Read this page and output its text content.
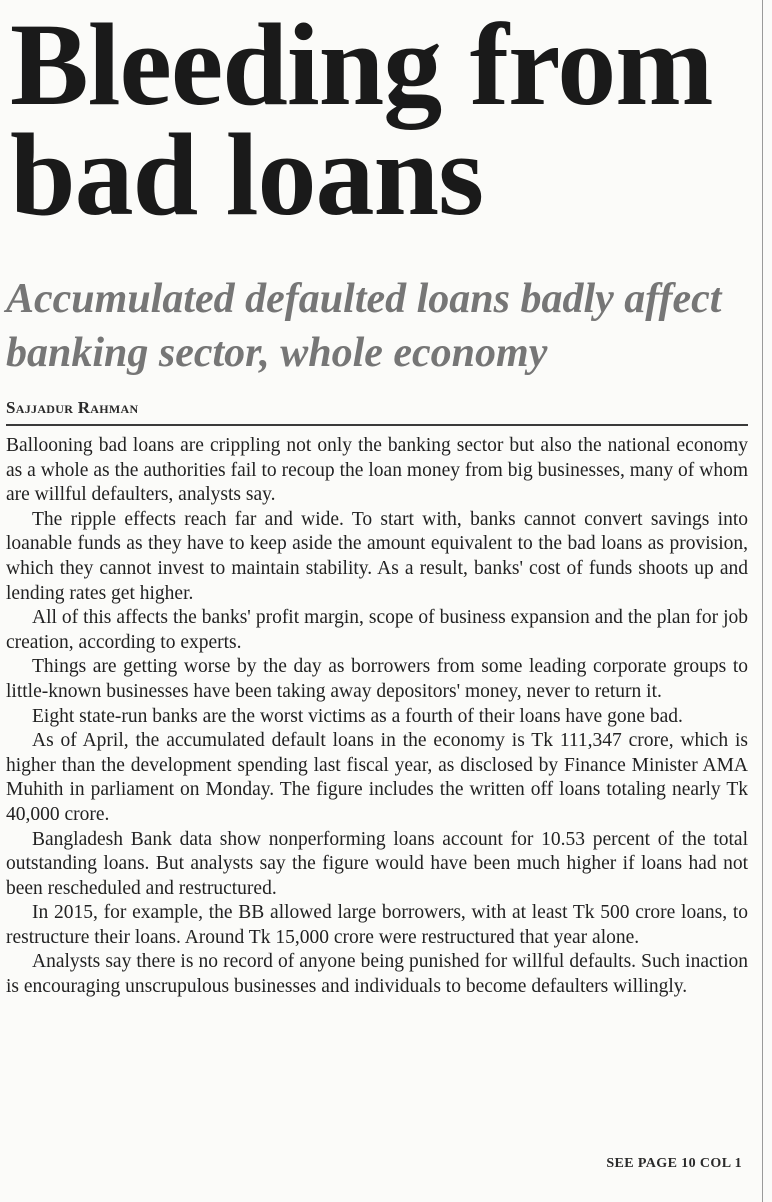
Bleeding from bad loans
Accumulated defaulted loans badly affect banking sector, whole economy
Sajjadur Rahman

Ballooning bad loans are crippling not only the banking sector but also the national economy as a whole as the authorities fail to recoup the loan money from big businesses, many of whom are willful defaulters, analysts say.

The ripple effects reach far and wide. To start with, banks cannot convert savings into loanable funds as they have to keep aside the amount equivalent to the bad loans as provision, which they cannot invest to maintain stability. As a result, banks' cost of funds shoots up and lending rates get higher.

All of this affects the banks' profit margin, scope of business expansion and the plan for job creation, according to experts.

Things are getting worse by the day as borrowers from some leading corporate groups to little-known businesses have been taking away depositors' money, never to return it.

Eight state-run banks are the worst victims as a fourth of their loans have gone bad.

As of April, the accumulated default loans in the economy is Tk 111,347 crore, which is higher than the development spending last fiscal year, as disclosed by Finance Minister AMA Muhith in parliament on Monday. The figure includes the written off loans totaling nearly Tk 40,000 crore.

Bangladesh Bank data show nonperforming loans account for 10.53 percent of the total outstanding loans. But analysts say the figure would have been much higher if loans had not been rescheduled and restructured.

In 2015, for example, the BB allowed large borrowers, with at least Tk 500 crore loans, to restructure their loans. Around Tk 15,000 crore were restructured that year alone.

Analysts say there is no record of anyone being punished for willful defaults. Such inaction is encouraging unscrupulous businesses and individuals to become defaulters willingly.

SEE PAGE 10 COL 1
